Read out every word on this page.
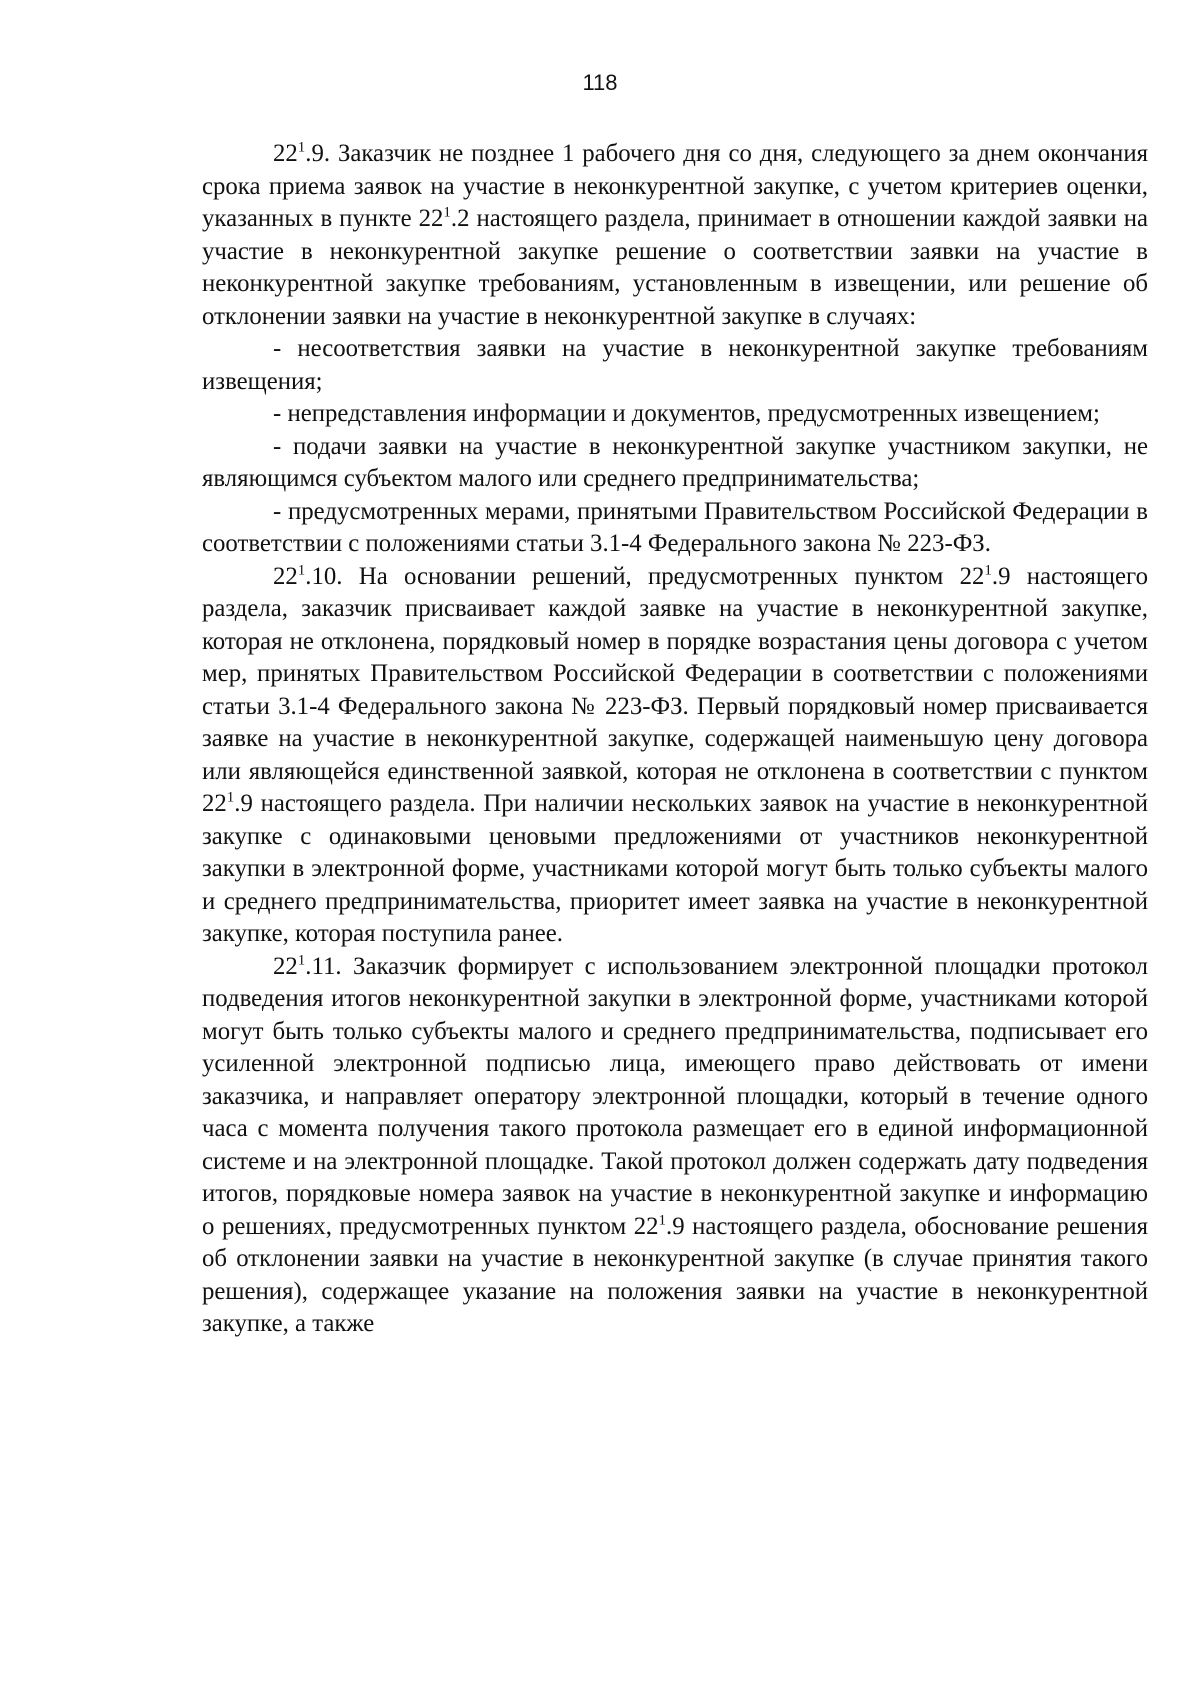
118

$22^1.9$. Заказчик не позднее 1 рабочего дня со дня, следующего за днем окончания срока приема заявок на участие в неконкурентной закупке, с учетом критериев оценки, указанных в пункте $22^1.2$ настоящего раздела, принимает в отношении каждой заявки на участие в неконкурентной закупке решение о соответствии заявки на участие в неконкурентной закупке требованиям, установленным в извещении, или решение об отклонении заявки на участие в неконкурентной закупке в случаях:

- несоответствия заявки на участие в неконкурентной закупке требованиям извещения;

- непредставления информации и документов, предусмотренных извещением;

- подачи заявки на участие в неконкурентной закупке участником закупки, не являющимся субъектом малого или среднего предпринимательства;

- предусмотренных мерами, принятыми Правительством Российской Федерации в соответствии с положениями статьи 3.1-4 Федерального закона № 223-ФЗ.

$22^1.10$. На основании решений, предусмотренных пунктом $22^1.9$ настоящего раздела, заказчик присваивает каждой заявке на участие в неконкурентной закупке, которая не отклонена, порядковый номер в порядке возрастания цены договора с учетом мер, принятых Правительством Российской Федерации в соответствии с положениями статьи 3.1-4 Федерального закона № 223-ФЗ. Первый порядковый номер присваивается заявке на участие в неконкурентной закупке, содержащей наименьшую цену договора или являющейся единственной заявкой, которая не отклонена в соответствии с пунктом $22^1.9$ настоящего раздела. При наличии нескольких заявок на участие в неконкурентной закупке с одинаковыми ценовыми предложениями от участников неконкурентной закупки в электронной форме, участниками которой могут быть только субъекты малого и среднего предпринимательства, приоритет имеет заявка на участие в неконкурентной закупке, которая поступила ранее.

$22^1.11$. Заказчик формирует с использованием электронной площадки протокол подведения итогов неконкурентной закупки в электронной форме, участниками которой могут быть только субъекты малого и среднего предпринимательства, подписывает его усиленной электронной подписью лица, имеющего право действовать от имени заказчика, и направляет оператору электронной площадки, который в течение одного часа с момента получения такого протокола размещает его в единой информационной системе и на электронной площадке. Такой протокол должен содержать дату подведения итогов, порядковые номера заявок на участие в неконкурентной закупке и информацию о решениях, предусмотренных пунктом $22^1.9$ настоящего раздела, обоснование решения об отклонении заявки на участие в неконкурентной закупке (в случае принятия такого решения), содержащее указание на положения заявки на участие в неконкурентной закупке, а также
